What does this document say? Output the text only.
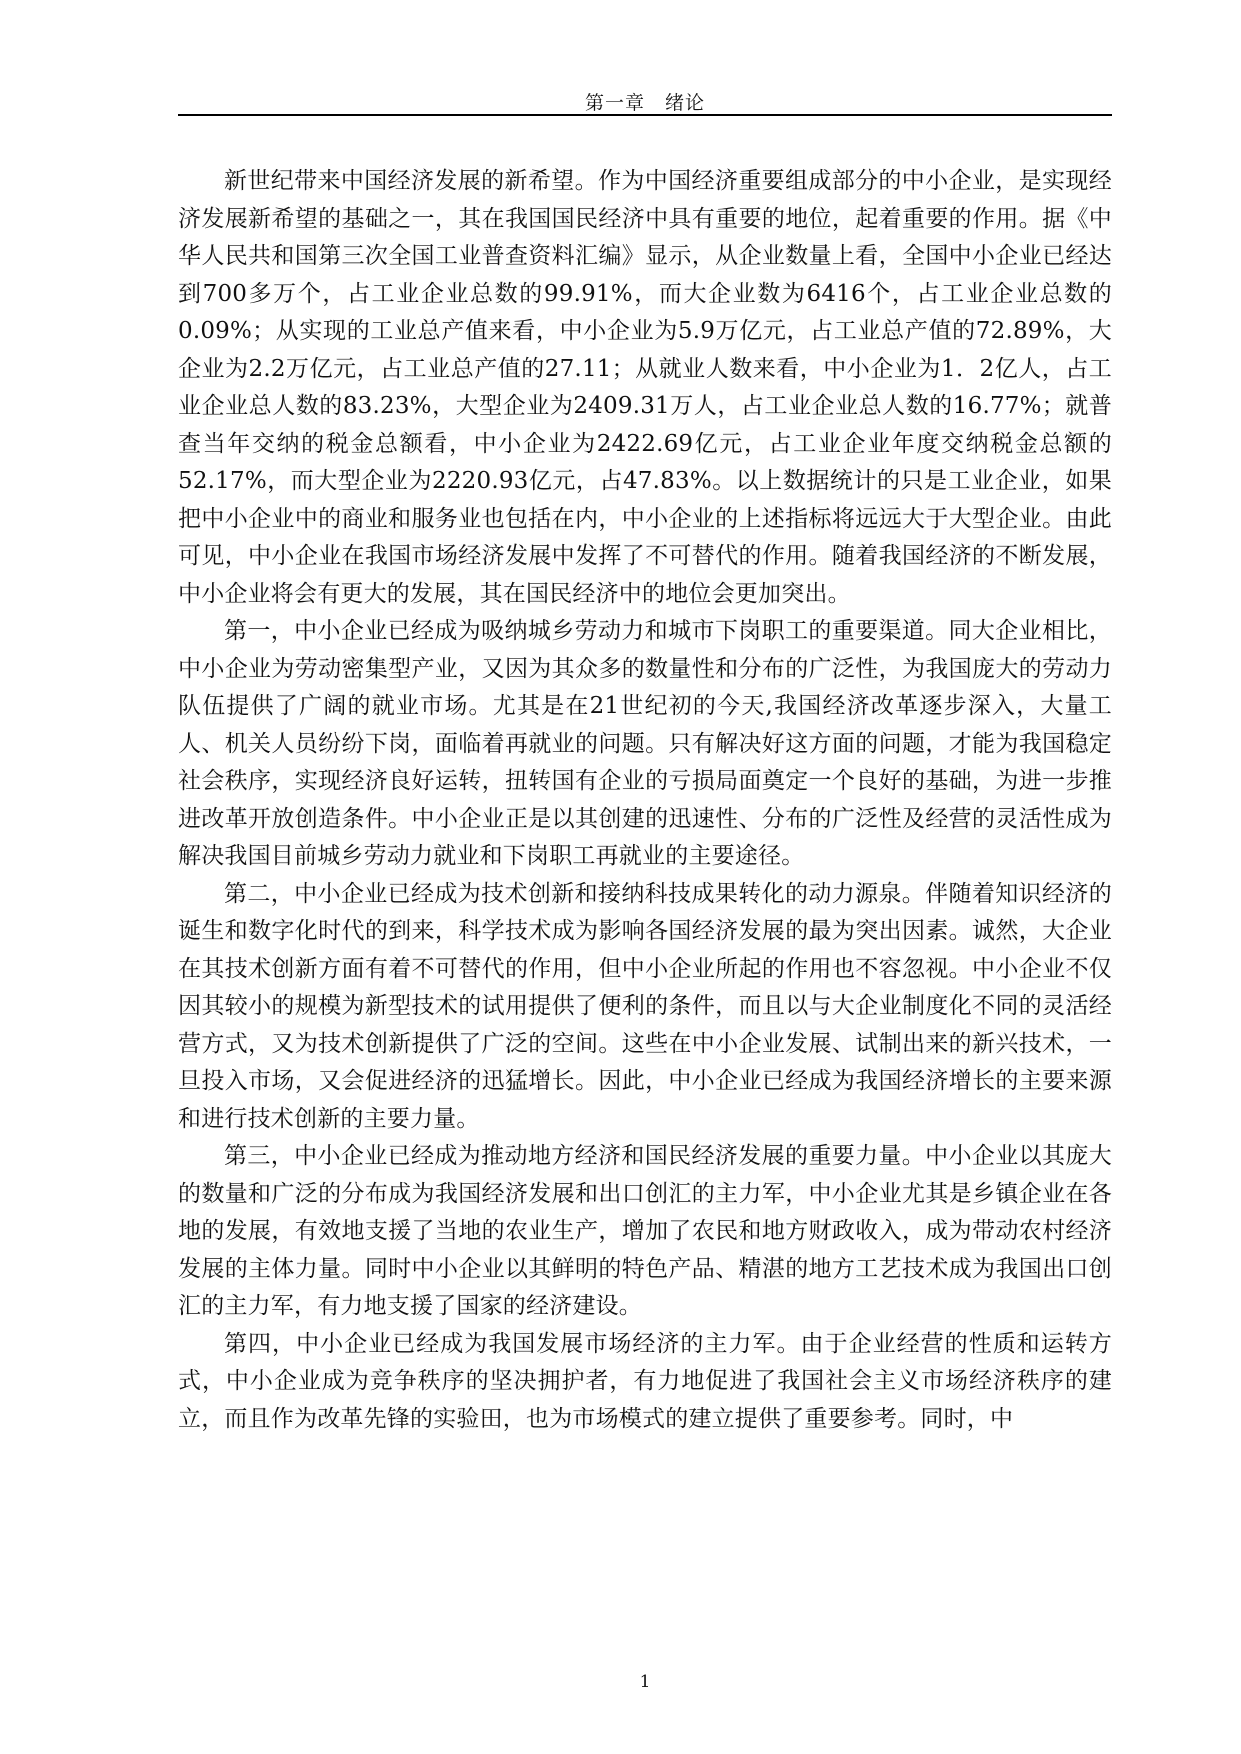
第一章　绪论

新世纪带来中国经济发展的新希望。作为中国经济重要组成部分的中小企业，是实现经济发展新希望的基础之一，其在我国国民经济中具有重要的地位，起着重要的作用。据《中华人民共和国第三次全国工业普查资料汇编》显示，从企业数量上看，全国中小企业已经达到700多万个，占工业企业总数的99.91%，而大企业数为6416个，占工业企业总数的0.09%；从实现的工业总产值来看，中小企业为5.9万亿元，占工业总产值的72.89%，大企业为2.2万亿元，占工业总产值的27.11；从就业人数来看，中小企业为1．2亿人，占工业企业总人数的83.23%，大型企业为2409.31万人，占工业企业总人数的16.77%；就普查当年交纳的税金总额看，中小企业为2422.69亿元，占工业企业年度交纳税金总额的52.17%，而大型企业为2220.93亿元，占47.83%。以上数据统计的只是工业企业，如果把中小企业中的商业和服务业也包括在内，中小企业的上述指标将远远大于大型企业。由此可见，中小企业在我国市场经济发展中发挥了不可替代的作用。随着我国经济的不断发展，中小企业将会有更大的发展，其在国民经济中的地位会更加突出。

第一，中小企业已经成为吸纳城乡劳动力和城市下岗职工的重要渠道。同大企业相比，中小企业为劳动密集型产业，又因为其众多的数量性和分布的广泛性，为我国庞大的劳动力队伍提供了广阔的就业市场。尤其是在21世纪初的今天,我国经济改革逐步深入，大量工人、机关人员纷纷下岗，面临着再就业的问题。只有解决好这方面的问题，才能为我国稳定社会秩序，实现经济良好运转，扭转国有企业的亏损局面奠定一个良好的基础，为进一步推进改革开放创造条件。中小企业正是以其创建的迅速性、分布的广泛性及经营的灵活性成为解决我国目前城乡劳动力就业和下岗职工再就业的主要途径。

第二，中小企业已经成为技术创新和接纳科技成果转化的动力源泉。伴随着知识经济的诞生和数字化时代的到来，科学技术成为影响各国经济发展的最为突出因素。诚然，大企业在其技术创新方面有着不可替代的作用，但中小企业所起的作用也不容忽视。中小企业不仅因其较小的规模为新型技术的试用提供了便利的条件，而且以与大企业制度化不同的灵活经营方式，又为技术创新提供了广泛的空间。这些在中小企业发展、试制出来的新兴技术，一旦投入市场，又会促进经济的迅猛增长。因此，中小企业已经成为我国经济增长的主要来源和进行技术创新的主要力量。

第三，中小企业已经成为推动地方经济和国民经济发展的重要力量。中小企业以其庞大的数量和广泛的分布成为我国经济发展和出口创汇的主力军，中小企业尤其是乡镇企业在各地的发展，有效地支援了当地的农业生产，增加了农民和地方财政收入，成为带动农村经济发展的主体力量。同时中小企业以其鲜明的特色产品、精湛的地方工艺技术成为我国出口创汇的主力军，有力地支援了国家的经济建设。

第四，中小企业已经成为我国发展市场经济的主力军。由于企业经营的性质和运转方式，中小企业成为竞争秩序的坚决拥护者，有力地促进了我国社会主义市场经济秩序的建立，而且作为改革先锋的实验田，也为市场模式的建立提供了重要参考。同时，中

1
